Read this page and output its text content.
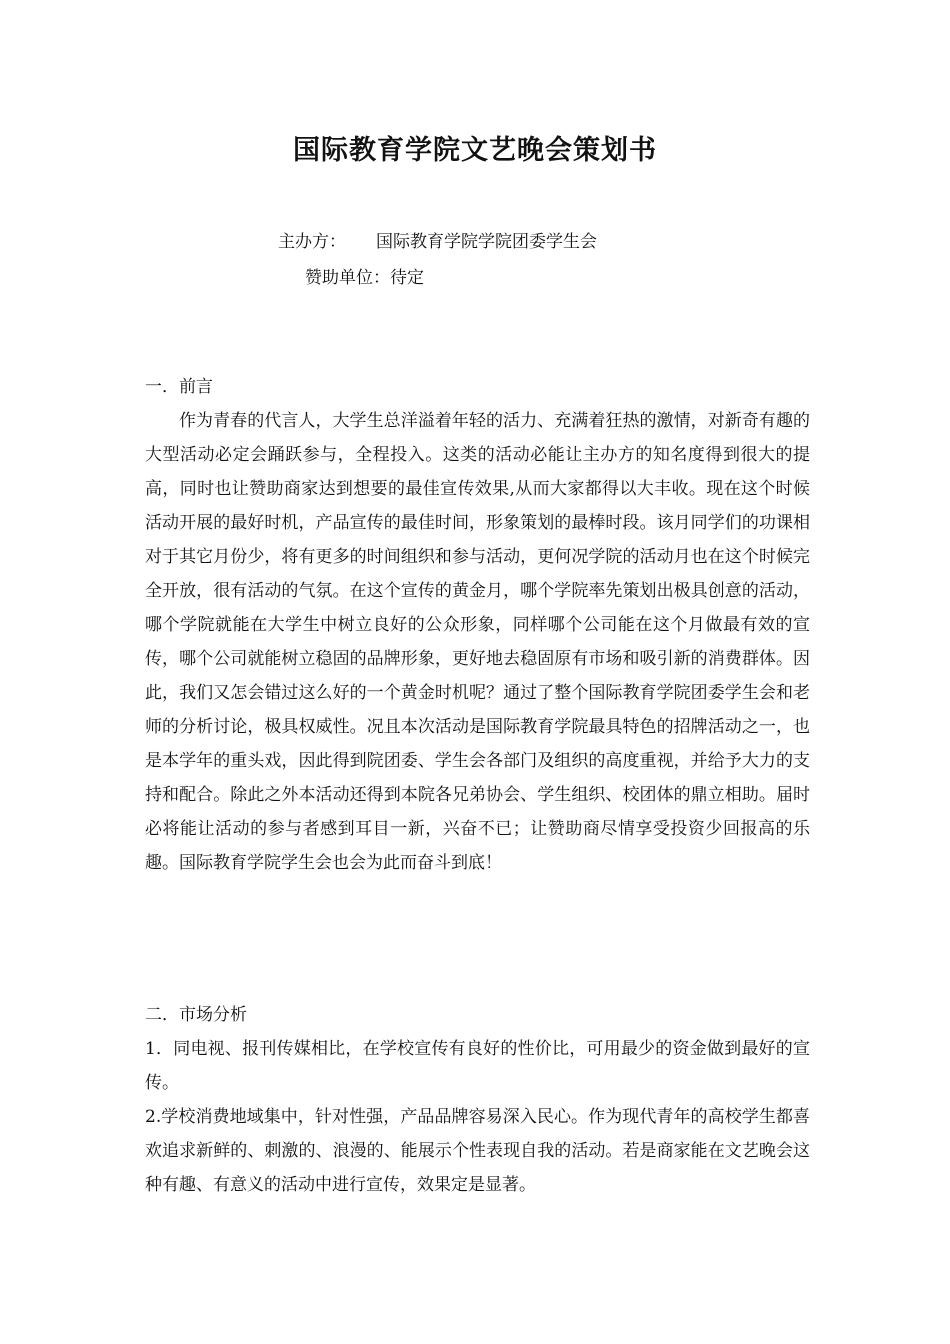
国际教育学院文艺晚会策划书
主办方： 国际教育学院学院团委学生会
赞助单位：待定

一．前言

作为青春的代言人，大学生总洋溢着年轻的活力、充满着狂热的激情，对新奇有趣的大型活动必定会踊跃参与，全程投入。这类的活动必能让主办方的知名度得到很大的提高，同时也让赞助商家达到想要的最佳宣传效果,从而大家都得以大丰收。现在这个时候活动开展的最好时机，产品宣传的最佳时间，形象策划的最棒时段。该月同学们的功课相对于其它月份少，将有更多的时间组织和参与活动，更何况学院的活动月也在这个时候完全开放，很有活动的气氛。在这个宣传的黄金月，哪个学院率先策划出极具创意的活动，哪个学院就能在大学生中树立良好的公众形象，同样哪个公司能在这个月做最有效的宣传，哪个公司就能树立稳固的品牌形象，更好地去稳固原有市场和吸引新的消费群体。因此，我们又怎会错过这么好的一个黄金时机呢？通过了整个国际教育学院团委学生会和老师的分析讨论，极具权威性。况且本次活动是国际教育学院最具特色的招牌活动之一，也是本学年的重头戏，因此得到院团委、学生会各部门及组织的高度重视，并给予大力的支持和配合。除此之外本活动还得到本院各兄弟协会、学生组织、校团体的鼎立相助。届时必将能让活动的参与者感到耳目一新，兴奋不已；让赞助商尽情享受投资少回报高的乐趣。国际教育学院学生会也会为此而奋斗到底！

二．市场分析

1．同电视、报刊传媒相比，在学校宣传有良好的性价比，可用最少的资金做到最好的宣传。

2.学校消费地域集中，针对性强，产品品牌容易深入民心。作为现代青年的高校学生都喜欢追求新鲜的、刺激的、浪漫的、能展示个性表现自我的活动。若是商家能在文艺晚会这种有趣、有意义的活动中进行宣传，效果定是显著。
